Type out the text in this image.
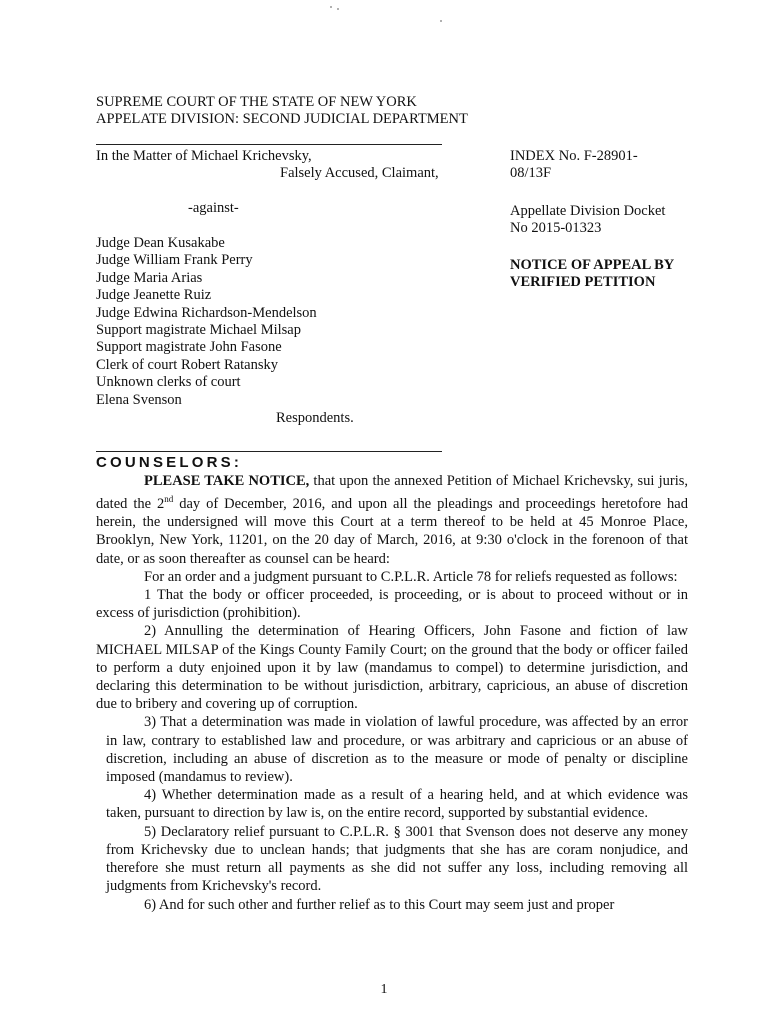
SUPREME COURT OF THE STATE OF NEW YORK
APPELATE DIVISION: SECOND JUDICIAL DEPARTMENT
In the Matter of Michael Krichevsky,
Falsely Accused, Claimant,
-against-
Judge Dean Kusakabe
Judge William Frank Perry
Judge Maria Arias
Judge Jeanette Ruiz
Judge Edwina Richardson-Mendelson
Support magistrate Michael Milsap
Support magistrate John Fasone
Clerk of court Robert Ratansky
Unknown clerks of court
Elena Svenson
Respondents.
INDEX No. F-28901-
08/13F
Appellate Division Docket
No 2015-01323
NOTICE OF APPEAL BY
VERIFIED PETITION
COUNSELORS:

PLEASE TAKE NOTICE, that upon the annexed Petition of Michael Krichevsky, sui juris, dated the 2nd day of December, 2016, and upon all the pleadings and proceedings heretofore had herein, the undersigned will move this Court at a term thereof to be held at 45 Monroe Place, Brooklyn, New York, 11201, on the 20 day of March, 2016, at 9:30 o'clock in the forenoon of that date, or as soon thereafter as counsel can be heard:

For an order and a judgment pursuant to C.P.L.R. Article 78 for reliefs requested as follows:

1 That the body or officer proceeded, is proceeding, or is about to proceed without or in excess of jurisdiction (prohibition).

2) Annulling the determination of Hearing Officers, John Fasone and fiction of law MICHAEL MILSAP of the Kings County Family Court; on the ground that the body or officer failed to perform a duty enjoined upon it by law (mandamus to compel) to determine jurisdiction, and declaring this determination to be without jurisdiction, arbitrary, capricious, an abuse of discretion due to bribery and covering up of corruption.

3) That a determination was made in violation of lawful procedure, was affected by an error in law, contrary to established law and procedure, or was arbitrary and capricious or an abuse of discretion, including an abuse of discretion as to the measure or mode of penalty or discipline imposed (mandamus to review).

4) Whether determination made as a result of a hearing held, and at which evidence was taken, pursuant to direction by law is, on the entire record, supported by substantial evidence.

5) Declaratory relief pursuant to C.P.L.R. § 3001 that Svenson does not deserve any money from Krichevsky due to unclean hands; that judgments that she has are coram nonjudice, and therefore she must return all payments as she did not suffer any loss, including removing all judgments from Krichevsky's record.

6) And for such other and further relief as to this Court may seem just and proper

1
